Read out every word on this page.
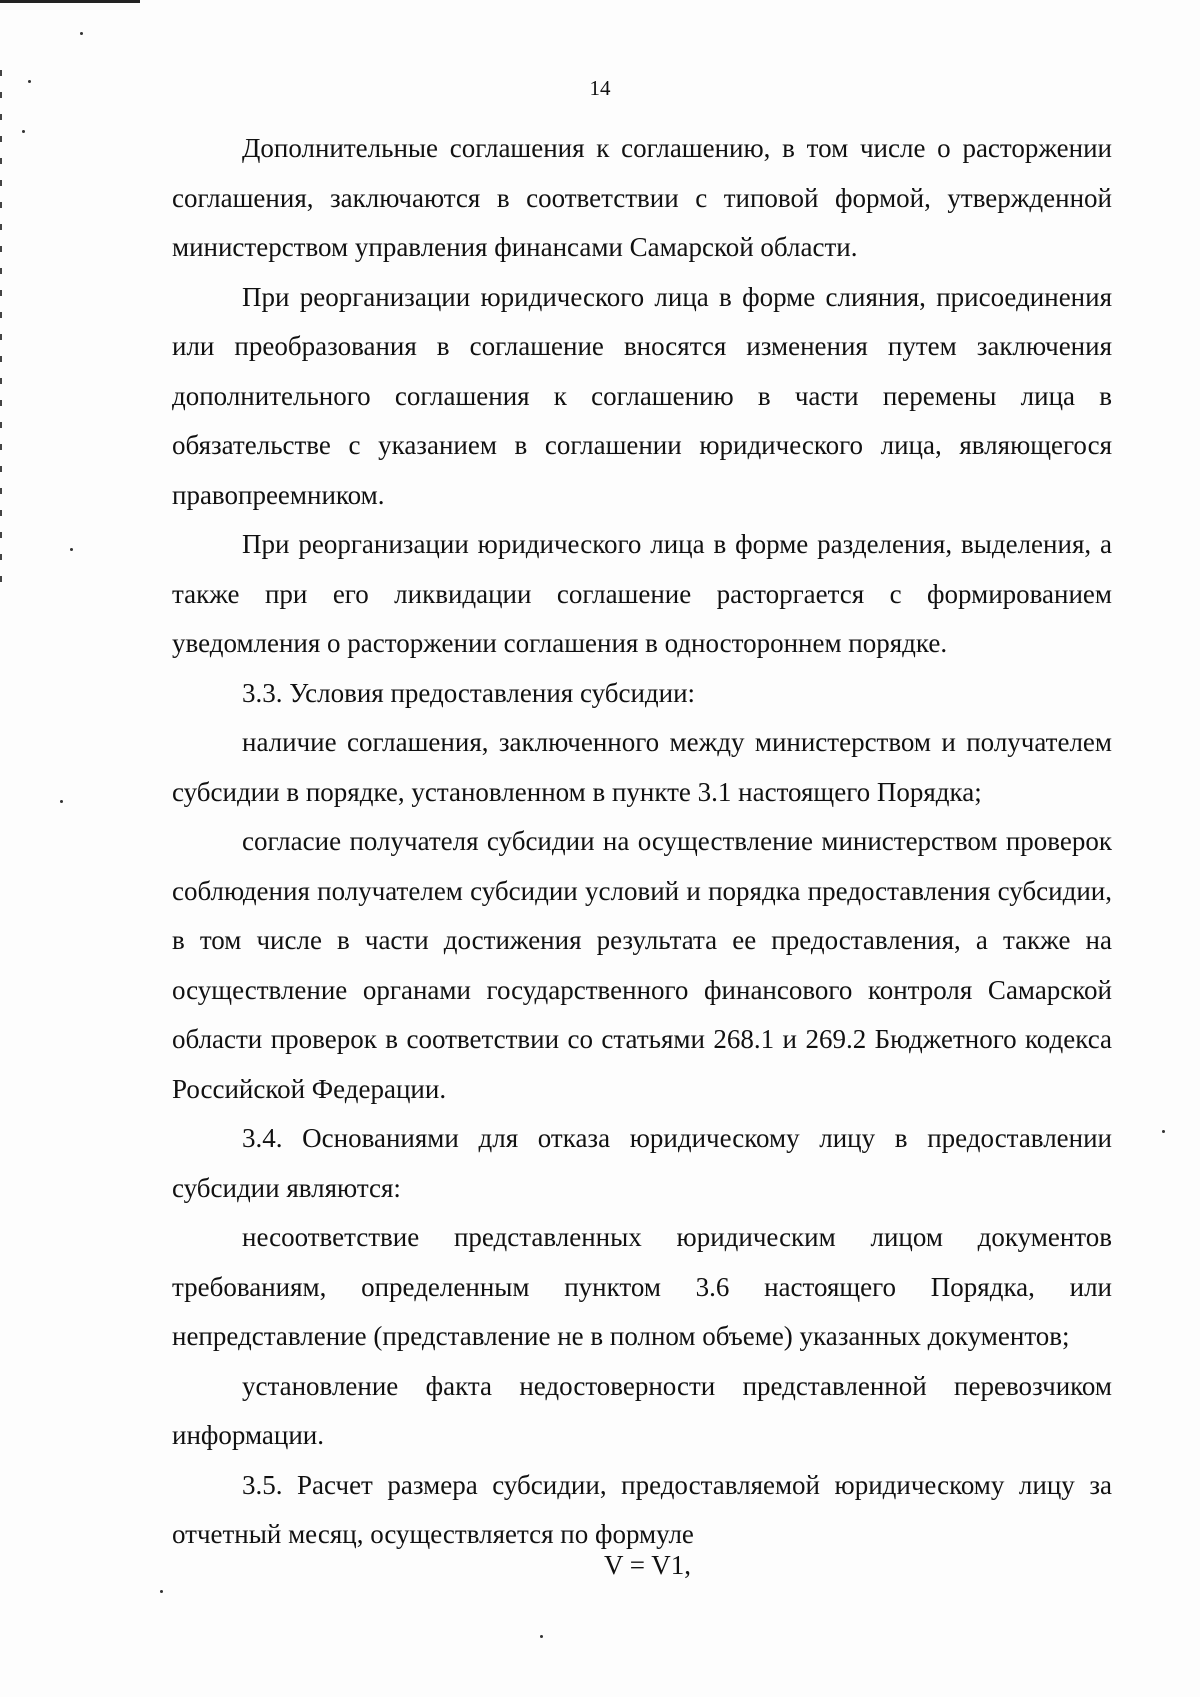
14

Дополнительные соглашения к соглашению, в том числе о расторжении соглашения, заключаются в соответствии с типовой формой, утвержденной министерством управления финансами Самарской области.

При реорганизации юридического лица в форме слияния, присоединения или преобразования в соглашение вносятся изменения путем заключения дополнительного соглашения к соглашению в части перемены лица в обязательстве с указанием в соглашении юридического лица, являющегося правопреемником.

При реорганизации юридического лица в форме разделения, выделения, а также при его ликвидации соглашение расторгается с формированием уведомления о расторжении соглашения в одностороннем порядке.

3.3. Условия предоставления субсидии:

наличие соглашения, заключенного между министерством и получателем субсидии в порядке, установленном в пункте 3.1 настоящего Порядка;

согласие получателя субсидии на осуществление министерством проверок соблюдения получателем субсидии условий и порядка предоставления субсидии, в том числе в части достижения результата ее предоставления, а также на осуществление органами государственного финансового контроля Самарской области проверок в соответствии со статьями 268.1 и 269.2 Бюджетного кодекса Российской Федерации.

3.4. Основаниями для отказа юридическому лицу в предоставлении субсидии являются:

несоответствие представленных юридическим лицом документов требованиям, определенным пунктом 3.6 настоящего Порядка, или непредставление (представление не в полном объеме) указанных документов;

установление факта недостоверности представленной перевозчиком информации.

3.5. Расчет размера субсидии, предоставляемой юридическому лицу за отчетный месяц, осуществляется по формуле

V = V1,
